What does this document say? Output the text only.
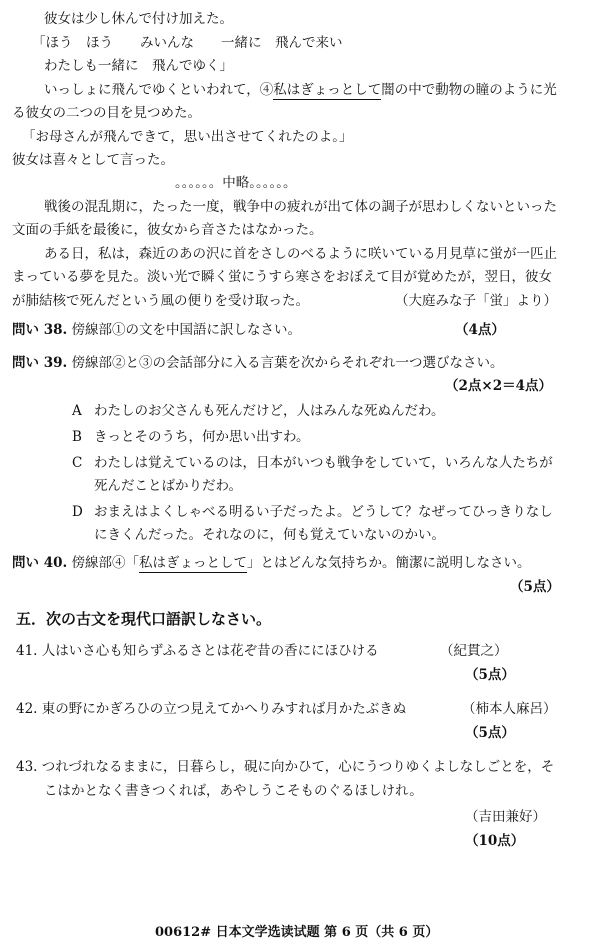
彼女は少し休んで付け加えた。
「ほう　ほう　　みいんな　　一緒に　飛んで来い
わたしも一緒に　飛んでゆく」
いっしょに飛んでゆくといわれて，④私はぎょっとして闇の中で動物の瞳のように光
る彼女の二つの目を見つめた。
「お母さんが飛んできて，思い出させてくれたのよ。」
彼女は喜々として言った。
。。。。。。中略。。。。。。
戦後の混乱期に，たった一度，戦争中の疲れが出て体の調子が思わしくないといった
文面の手紙を最後に，彼女から音さたはなかった。
ある日，私は，森近のあの沢に首をさしのべるように咲いている月見草に蛍が一匹止
まっている夢を見た。淡い光で瞬く蛍にうすら寒さをおぼえて目が覚めたが，翌日，彼女
が肺結核で死んだという風の便りを受け取った。	（大庭みな子「蛍」より）
問い 38. 傍線部①の文を中国語に訳しなさい。	（4点）
問い 39. 傍線部②と③の会話部分に入る言葉を次からそれぞれ一つ選びなさい。
（2点×2＝4点）
A わたしのお父さんも死んだけど，人はみんな死ぬんだわ。
B きっとそのうち，何か思い出すわ。
C わたしは覚えているのは，日本がいつも戦争をしていて，いろんな人たちが
死んだことばかりだわ。
D おまえはよくしゃべる明るい子だったよ。どうして？なぜってひっきりなし
にきくんだった。それなのに，何も覚えていないのかい。
問い 40. 傍線部④「私はぎょっとして」とはどんな気持ちか。簡潔に説明しなさい。
（5点）
五．次の古文を現代口語訳しなさい。
41. 人はいさ心も知らずふるさとは花ぞ昔の香ににほひける	（紀貫之）
（5点）
42. 東の野にかぎろひの立つ見えてかへりみすれば月かたぶきぬ	（柿本人麻呂）
（5点）
43. つれづれなるままに，日暮らし，硯に向かひて，心にうつりゆくよしなしごとを，そ
こはかとなく書きつくれば，あやしうこそものぐるほしけれ。
（吉田兼好）
（10点）
00612# 日本文学选读试题 第 6 页（共 6 页）
